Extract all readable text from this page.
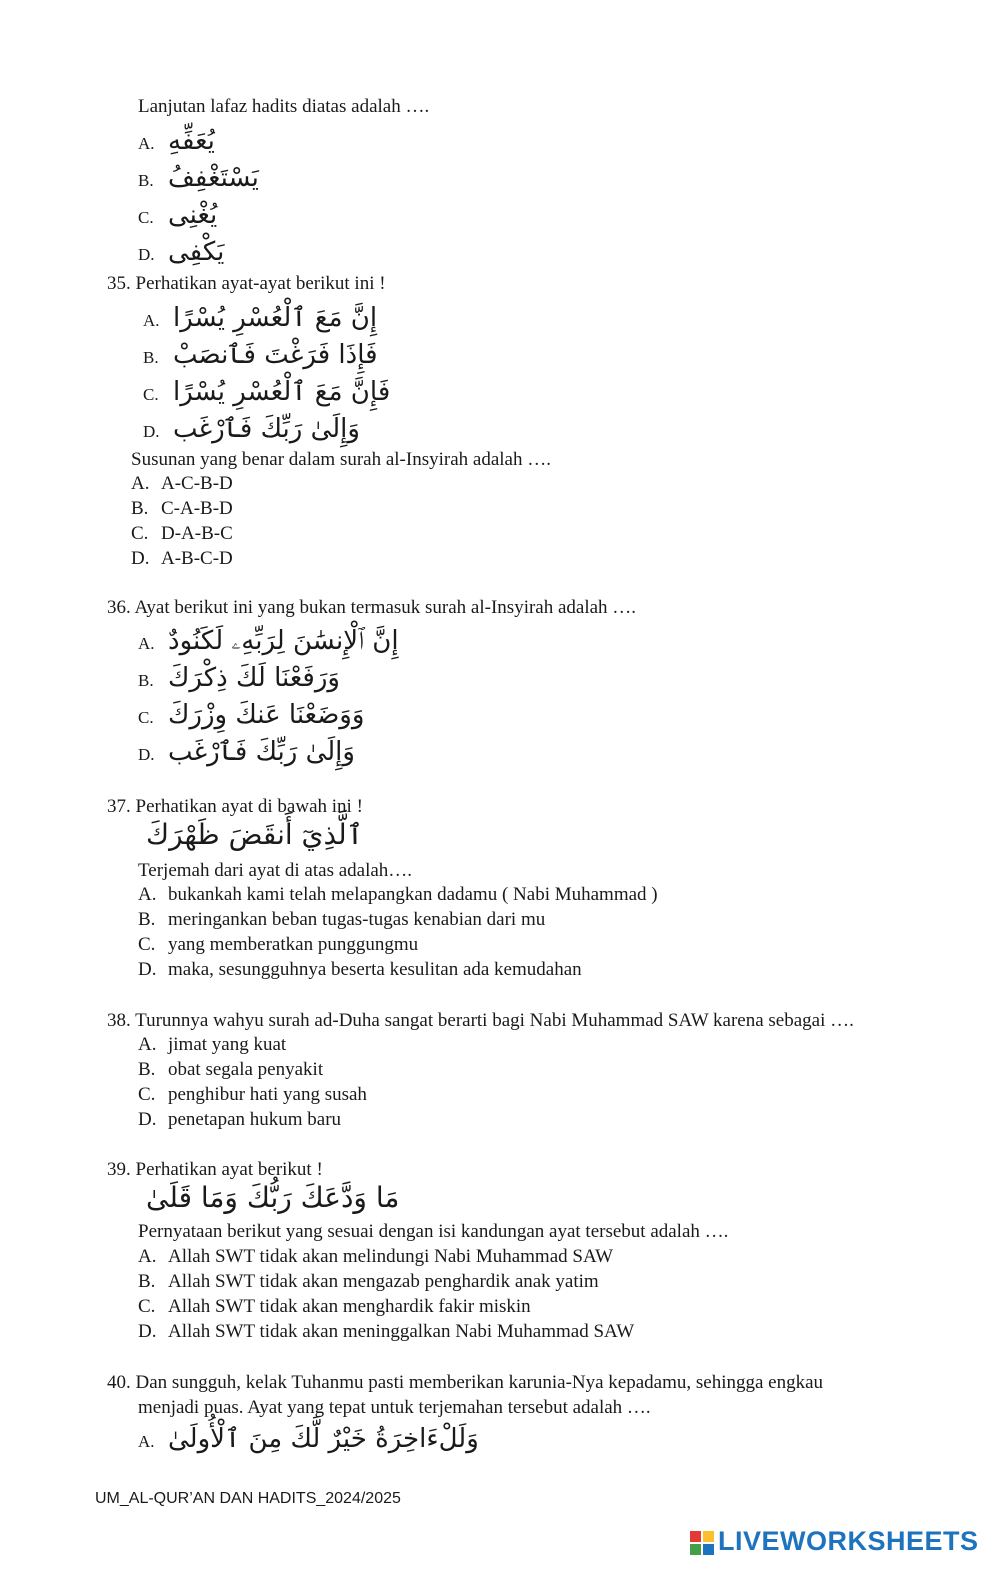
Lanjutan lafaz hadits diatas adalah ….
A. يُعَفِّهِ
B. يَسْتَغْفِفُ
C. يُغْنِى
D. يَكْفِى
35. Perhatikan ayat-ayat berikut ini !
A. إِنَّ مَعَ ٱلْعُسْرِ يُسْرًا
B. فَإِذَا فَرَغْتَ فَٱنصَبْ
C. فَإِنَّ مَعَ ٱلْعُسْرِ يُسْرًا
D. وَإِلَىٰ رَبِّكَ فَٱرْغَب
Susunan yang benar dalam surah al-Insyirah adalah ….
A. A-C-B-D
B. C-A-B-D
C. D-A-B-C
D. A-B-C-D
36. Ayat berikut ini yang bukan termasuk surah al-Insyirah adalah ….
A. إِنَّ ٱلْإِنسَٰنَ لِرَبِّهِۦ لَكَنُودٌ
B. وَرَفَعْنَا لَكَ ذِكْرَكَ
C. وَوَضَعْنَا عَنكَ وِزْرَكَ
D. وَإِلَىٰ رَبِّكَ فَٱرْغَب
37. Perhatikan ayat di bawah ini !
ٱلَّذِيٓ أَنقَضَ ظَهْرَكَ
Terjemah dari ayat di atas adalah….
A. bukankah kami telah melapangkan dadamu ( Nabi Muhammad )
B. meringankan beban tugas-tugas kenabian dari mu
C. yang memberatkan punggungmu
D. maka, sesungguhnya beserta kesulitan ada kemudahan
38. Turunnya wahyu surah ad-Duha sangat berarti bagi Nabi Muhammad SAW karena sebagai ….
A. jimat yang kuat
B. obat segala penyakit
C. penghibur hati yang susah
D. penetapan hukum baru
39. Perhatikan ayat berikut !
مَا وَدَّعَكَ رَبُّكَ وَمَا قَلَىٰ
Pernyataan berikut yang sesuai dengan isi kandungan ayat tersebut adalah ….
A. Allah SWT tidak akan melindungi Nabi Muhammad SAW
B. Allah SWT tidak akan mengazab penghardik anak yatim
C. Allah SWT tidak akan menghardik fakir miskin
D. Allah SWT tidak akan meninggalkan Nabi Muhammad SAW
40. Dan sungguh, kelak Tuhanmu pasti memberikan karunia-Nya kepadamu, sehingga engkau
menjadi puas. Ayat yang tepat untuk terjemahan tersebut adalah ….
A. وَلَلْءَاخِرَةُ خَيْرٌ لَّكَ مِنَ ٱلْأُولَىٰ
UM_AL-QUR’AN DAN HADITS_2024/2025
LIVEWORKSHEETS
